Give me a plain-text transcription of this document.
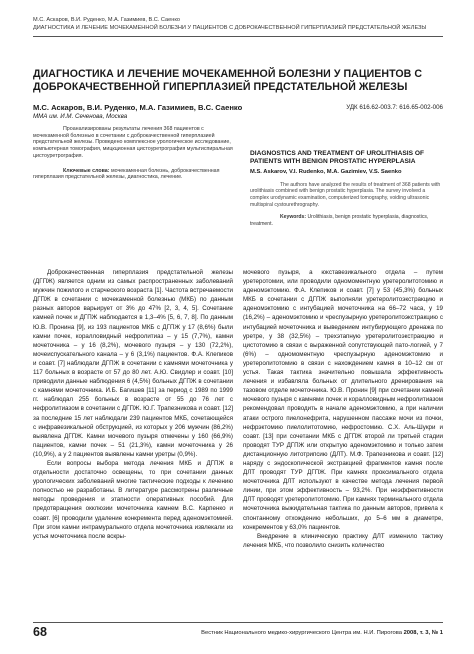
М.С. Аскаров, В.И. Руденко, М.А. Газимиев, В.С. Саенко
ДИАГНОСТИКА И ЛЕЧЕНИЕ МОЧЕКАМЕННОЙ БОЛЕЗНИ У ПАЦИЕНТОВ С ДОБРОКАЧЕСТВЕННОЙ ГИПЕРПЛАЗИЕЙ ПРЕДСТАТЕЛЬНОЙ ЖЕЛЕЗЫ
ДИАГНОСТИКА И ЛЕЧЕНИЕ МОЧЕКАМЕННОЙ БОЛЕЗНИ У ПАЦИЕНТОВ С ДОБРОКАЧЕСТВЕННОЙ ГИПЕРПЛАЗИЕЙ ПРЕДСТАТЕЛЬНОЙ ЖЕЛЕЗЫ
М.С. Аскаров, В.И. Руденко, М.А. Газимиев, В.С. Саенко	УДК 616.62-003.7: 616.65-002-006
ММА им. И.М. Сеченова, Москва
Проанализированы результаты лечения 368 пациентов с мочекаменной болезнью в сочетании с доброкачественной гиперплазией предстательной железы. Проведено комплексное урологическое исследование, компьютерная томография, мицкционная цистоуретрография мультиспиральная цистоуретрография.
Ключевые слова: мочекаменная болезнь, доброкачественная гиперплазия предстательной железы, диагностика, лечение.
DIAGNOSTICS AND TREATMENT OF UROLITHIASIS OF PATIENTS WITH BENIGN PROSTATIC HYPERPLASIA
M.S. Askarov, V.I. Rudenko, M.A. Gazimiev, V.S. Saenko
The authors have analyzed the results of treatment of 368 patients with urolithiasis combined with benign prostatic hyperplasia. The survey involved a complex urodynamic examination, computerized tomography, voiding ultrasonic multispiral cystourethrography.
Keywords: Urolithiasis, benign prostatic hyperplasia, diagnostics, treatment.

Доброкачественная гиперплазия предстательной железы (ДГПЖ) является одним из самых распространенных заболеваний мужчин пожилого и старческого возраста [1]. Частота встречаемости ДГПЖ в сочетании с мочекаменной болезнью (МКБ) по данным разных авторов варьирует от 3% до 47% [2, 3, 4, 5]. Сочетание камней почек и ДГПЖ наблюдается в 1,3–4% [5, 6, 7, 8]. По данным Ю.В. Пронина [9], из 193 пациентов МКБ с ДГПЖ у 17 (8,6%) были камни почек, коралловидный нефролитиаз – у 15 (7,7%), камни мочеточника – у 16 (8,2%), мочевого пузыря – у 130 (72,2%), мочеиспускательного канала – у 6 (3,1%) пациентов. Ф.А. Клепиков и соавт. [7] наблюдали ДГПЖ в сочетании с камнями мочеточника у 117 больных в возрасте от 57 до 80 лет. А.Ю. Свидлер и соавт. [10] приводили данные наблюдения 6 (4,5%) больных ДГПЖ в сочетании с камнями мочеточника. И.Б. Багишев [11] за период с 1989 по 1999 гг. наблюдал 255 больных в возрасте от 55 до 76 лет с нефролитиазом в сочетании с ДГПЖ. Ю.Г. Трапезникова и соавт. [12] за последние 15 лет наблюдали 239 пациентов МКБ, сочетающейся с инфравезикальной обструкцией, из которых у 206 мужчин (86,2%) выявлена ДГПЖ. Камни мочевого пузыря отмечены у 160 (66,9%) пациентов, камни почек – 51 (21,3%), камни мочеточника у 26 (10,9%), а у 2 пациентов выявлены камни уретры (0,9%).

Если вопросы выбора метода лечения МКБ и ДГПЖ в отдельности достаточно освещены, то при сочетании данных урологических заболеваний многие тактические подходы к лечению полностью не разработаны. В литературе рассмотрены различные методы проведения и этапности оперативных пособий. Для предотвращения окклюзии мочеточника камнем В.С. Карпенко и соавт. [6] проводили удаление конкремента перед аденомэктомией. При этом камни интрамурального отдела мочеточника извлекали из устья мочеточника после вскры-

мочевого пузыря, а юкставезикального отдела – путем уретеротомии, или проводили одномоментную уретеролитотомию и аденомэктомию. Ф.А. Клепиков и соавт. [7] у 53 (45,3%) больных МКБ в сочетании с ДГПЖ выполняли уретеролитоэкстракцию и аденомэктомию с интубацией мочеточника на 66–72 часа, у 19 (16,2%) – аденомэктомию и чреспузырную уретеролитоэкстракцию с интубацией мочеточника и выведением интубирующего дренажа по уретре, у 38 (32,5%) – трехэтапную уретеролитоэкстракцию и цистотомию в связи с выраженной сопутствующей пато-логией, у 7 (6%) – одномоментную чреспузырную аденомэктомию и уретеролитотомию в связи с нахождением камня в 10–12 см от устья. Такая тактика значительно повышала эффективность лечения и избавляла больных от длительного дренирования на тазовом отделе мочеточника. Ю.В. Пронин [9] при сочетании камней мочевого пузыря с камнями почек и коралловидным нефролитиазом рекомендовал проводить в начале аденомэктомию, а при наличии атаки острого пиелонефрита, нарушенном пассаже мочи из почки, нефрэктомию пиелолитотомию, нефростомию. С.Х. Аль-Шукри и соавт. [13] при сочетании МКБ с ДГПЖ второй ли третьей стадии проводят ТУР ДГПЖ или открытую аденомэктомию и только затем дистанционную литотрипсию (ДЛТ). М.Ф. Трапезникова и соавт. [12] наряду с эндоскопической экстракцией фрагментов камня после ДЛТ проводят ТУР ДГПЖ. При камнях проксимального отдела мочеточника ДЛТ используют в качестве метода лечения первой линии, при этом эффективность – 93,2%. При неэффективности ДЛТ проводят уретеролитотомию. При камнях терминального отдела мочеточника выжидательная тактика по данным авторов, привела к спонтанному отхождению небольших, до 5–6 мм в диаметре, конкрементов у 63,0% пациентов.

Внедрение в клиническую практику ДЛТ изменило тактику лечения МКБ, что позволило снизить количество

68	Вестник Национального медико-хирургического Центра им. Н.И. Пирогова 2008, т. 3, № 1
